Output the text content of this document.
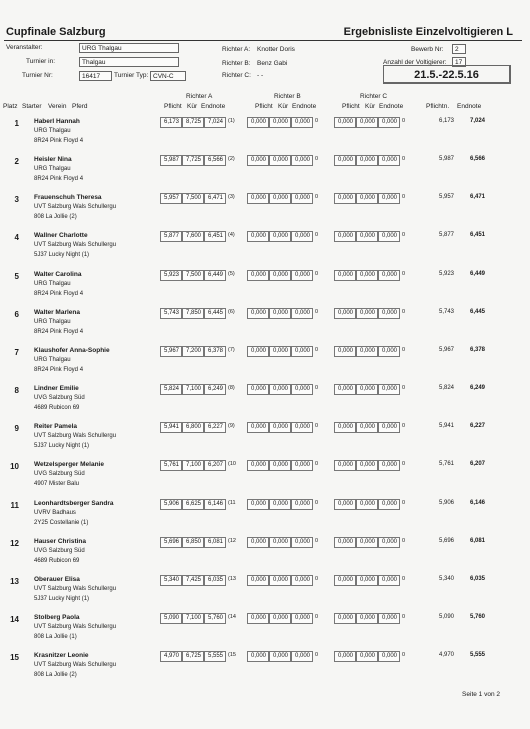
Cupfinale Salzburg	Ergebnisliste Einzelvoltigieren L
Veranstalter:	URG Thalgau
Turnier in:	Thalgau
Turnier Nr:	16417	Turnier Typ: CVN-C
Richter A: Knotter Doris
Richter B: Benz Gabi
Richter C: - -
Bewerb Nr:	2
Anzahl der Voltigierer:	17
21.5.-22.5.16
Richter A	Richter B	Richter C
Platz Starter Verein Pferd	Pflicht Kür Endnote	Pflicht Kür Endnote	Pflicht Kür Endnote	Pflichtn. Endnote
1 Haberl Hannah
URG Thalgau
8R24 Pink Floyd 4
6,173	8,725	7,024 (1)	0,000	0,000	0,000 0	0,000	0,000	0,000 0	6,173	7,024
2 Heisler Nina
URG Thalgau
8R24 Pink Floyd 4
5,987	7,725	6,566 (2)	0,000	0,000	0,000 0	0,000	0,000	0,000 0	5,987	6,566
3 Frauenschuh Theresa
UVT Salzburg Wals Schullergu
808 La Jollie (2)
5,957	7,500	6,471 (3)	0,000	0,000	0,000 0	0,000	0,000	0,000 0	5,957	6,471
4 Wallner Charlotte
UVT Salzburg Wals Schullergu
5J37 Lucky Night (1)
5,877	7,600	6,451 (4)	0,000	0,000	0,000 0	0,000	0,000	0,000 0	5,877	6,451
5 Walter Carolina
URG Thalgau
8R24 Pink Floyd 4
5,923	7,500	6,449 (5)	0,000	0,000	0,000 0	0,000	0,000	0,000 0	5,923	6,449
6 Walter Marlena
URG Thalgau
8R24 Pink Floyd 4
5,743	7,850	6,445 (6)	0,000	0,000	0,000 0	0,000	0,000	0,000 0	5,743	6,445
7 Klaushofer Anna-Sophie
URG Thalgau
8R24 Pink Floyd 4
5,967	7,200	6,378 (7)	0,000	0,000	0,000 0	0,000	0,000	0,000 0	5,967	6,378
8 Lindner Emilie
UVG Salzburg Süd
4689 Rubicon 69
5,824	7,100	6,249 (8)	0,000	0,000	0,000 0	0,000	0,000	0,000 0	5,824	6,249
9 Reiter Pamela
UVT Salzburg Wals Schullergu
5J37 Lucky Night (1)
5,941	6,800	6,227 (9)	0,000	0,000	0,000 0	0,000	0,000	0,000 0	5,941	6,227
10 Wetzelsperger Melanie
UVG Salzburg Süd
4907 Mister Balu
5,761	7,100	6,207 (10	0,000	0,000	0,000 0	0,000	0,000	0,000 0	5,761	6,207
11 Leonhardtsberger Sandra
UVRV Badhaus
2Y25 Costellanie (1)
5,906	6,625	6,146 (11	0,000	0,000	0,000 0	0,000	0,000	0,000 0	5,906	6,146
12 Hauser Christina
UVG Salzburg Süd
4689 Rubicon 69
5,696	6,850	6,081 (12	0,000	0,000	0,000 0	0,000	0,000	0,000 0	5,696	6,081
13 Oberauer Elisa
UVT Salzburg Wals Schullergu
5J37 Lucky Night (1)
5,340	7,425	6,035 (13	0,000	0,000	0,000 0	0,000	0,000	0,000 0	5,340	6,035
14 Stolberg Paola
UVT Salzburg Wals Schullergu
808 La Jollie (1)
5,090	7,100	5,760 (14	0,000	0,000	0,000 0	0,000	0,000	0,000 0	5,090	5,760
15 Krasnitzer Leonie
UVT Salzburg Wals Schullergu
808 La Jollie (2)
4,970	6,725	5,555 (15	0,000	0,000	0,000 0	0,000	0,000	0,000 0	4,970	5,555
Seite 1 von 2
